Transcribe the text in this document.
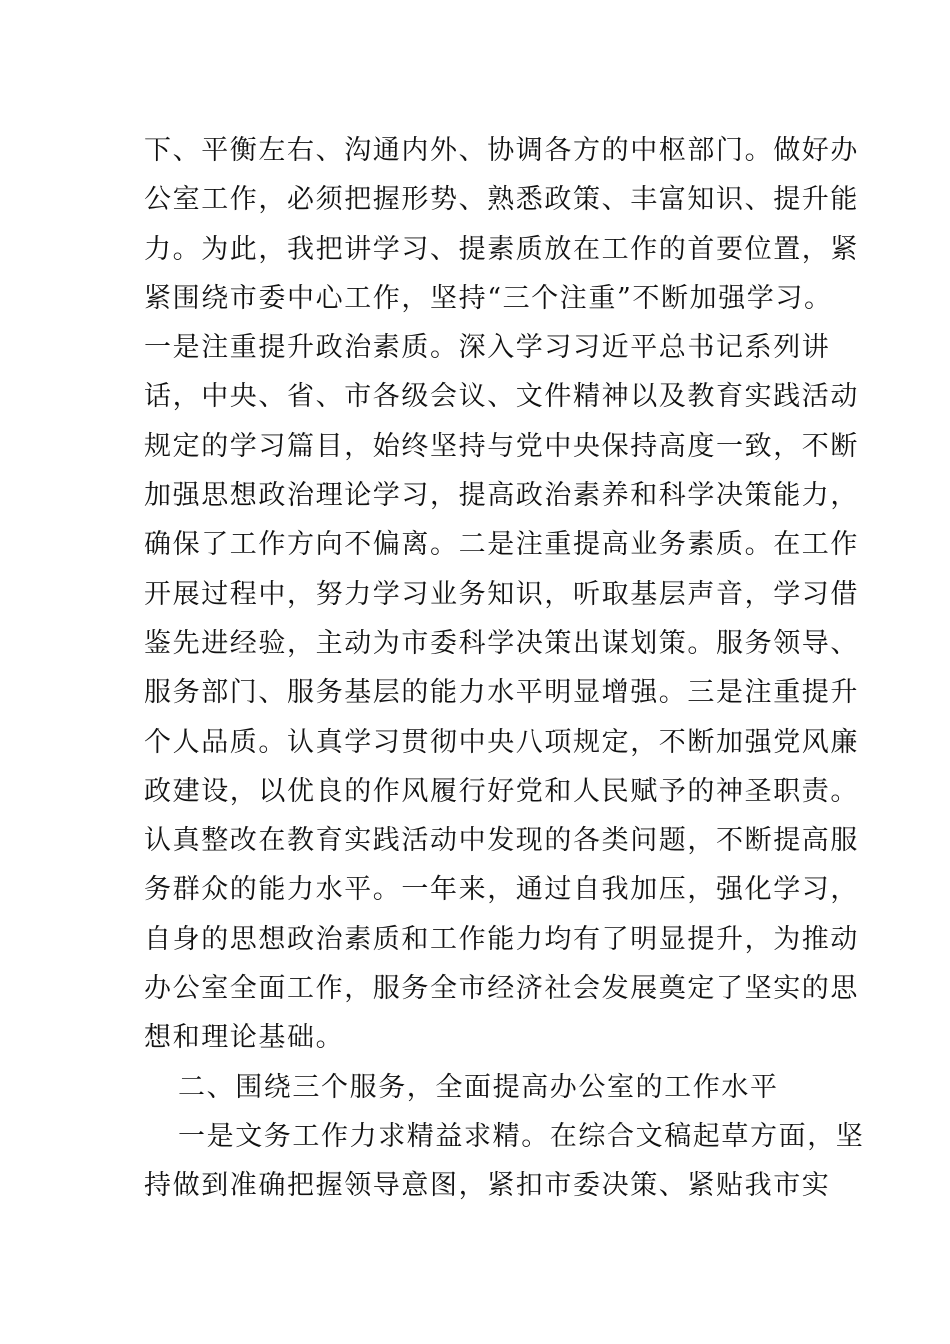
下、平衡左右、沟通内外、协调各方的中枢部门。做好办
公室工作，必须把握形势、熟悉政策、丰富知识、提升能
力。为此，我把讲学习、提素质放在工作的首要位置，紧
紧围绕市委中心工作，坚持“三个注重”不断加强学习。
一是注重提升政治素质。深入学习习近平总书记系列讲
话，中央、省、市各级会议、文件精神以及教育实践活动
规定的学习篇目，始终坚持与党中央保持高度一致，不断
加强思想政治理论学习，提高政治素养和科学决策能力，
确保了工作方向不偏离。二是注重提高业务素质。在工作
开展过程中，努力学习业务知识，听取基层声音，学习借
鉴先进经验，主动为市委科学决策出谋划策。服务领导、
服务部门、服务基层的能力水平明显增强。三是注重提升
个人品质。认真学习贯彻中央八项规定，不断加强党风廉
政建设，以优良的作风履行好党和人民赋予的神圣职责。
认真整改在教育实践活动中发现的各类问题，不断提高服
务群众的能力水平。一年来，通过自我加压，强化学习，
自身的思想政治素质和工作能力均有了明显提升，为推动
办公室全面工作，服务全市经济社会发展奠定了坚实的思
想和理论基础。
二、围绕三个服务，全面提高办公室的工作水平
一是文务工作力求精益求精。在综合文稿起草方面，坚
持做到准确把握领导意图，紧扣市委决策、紧贴我市实
